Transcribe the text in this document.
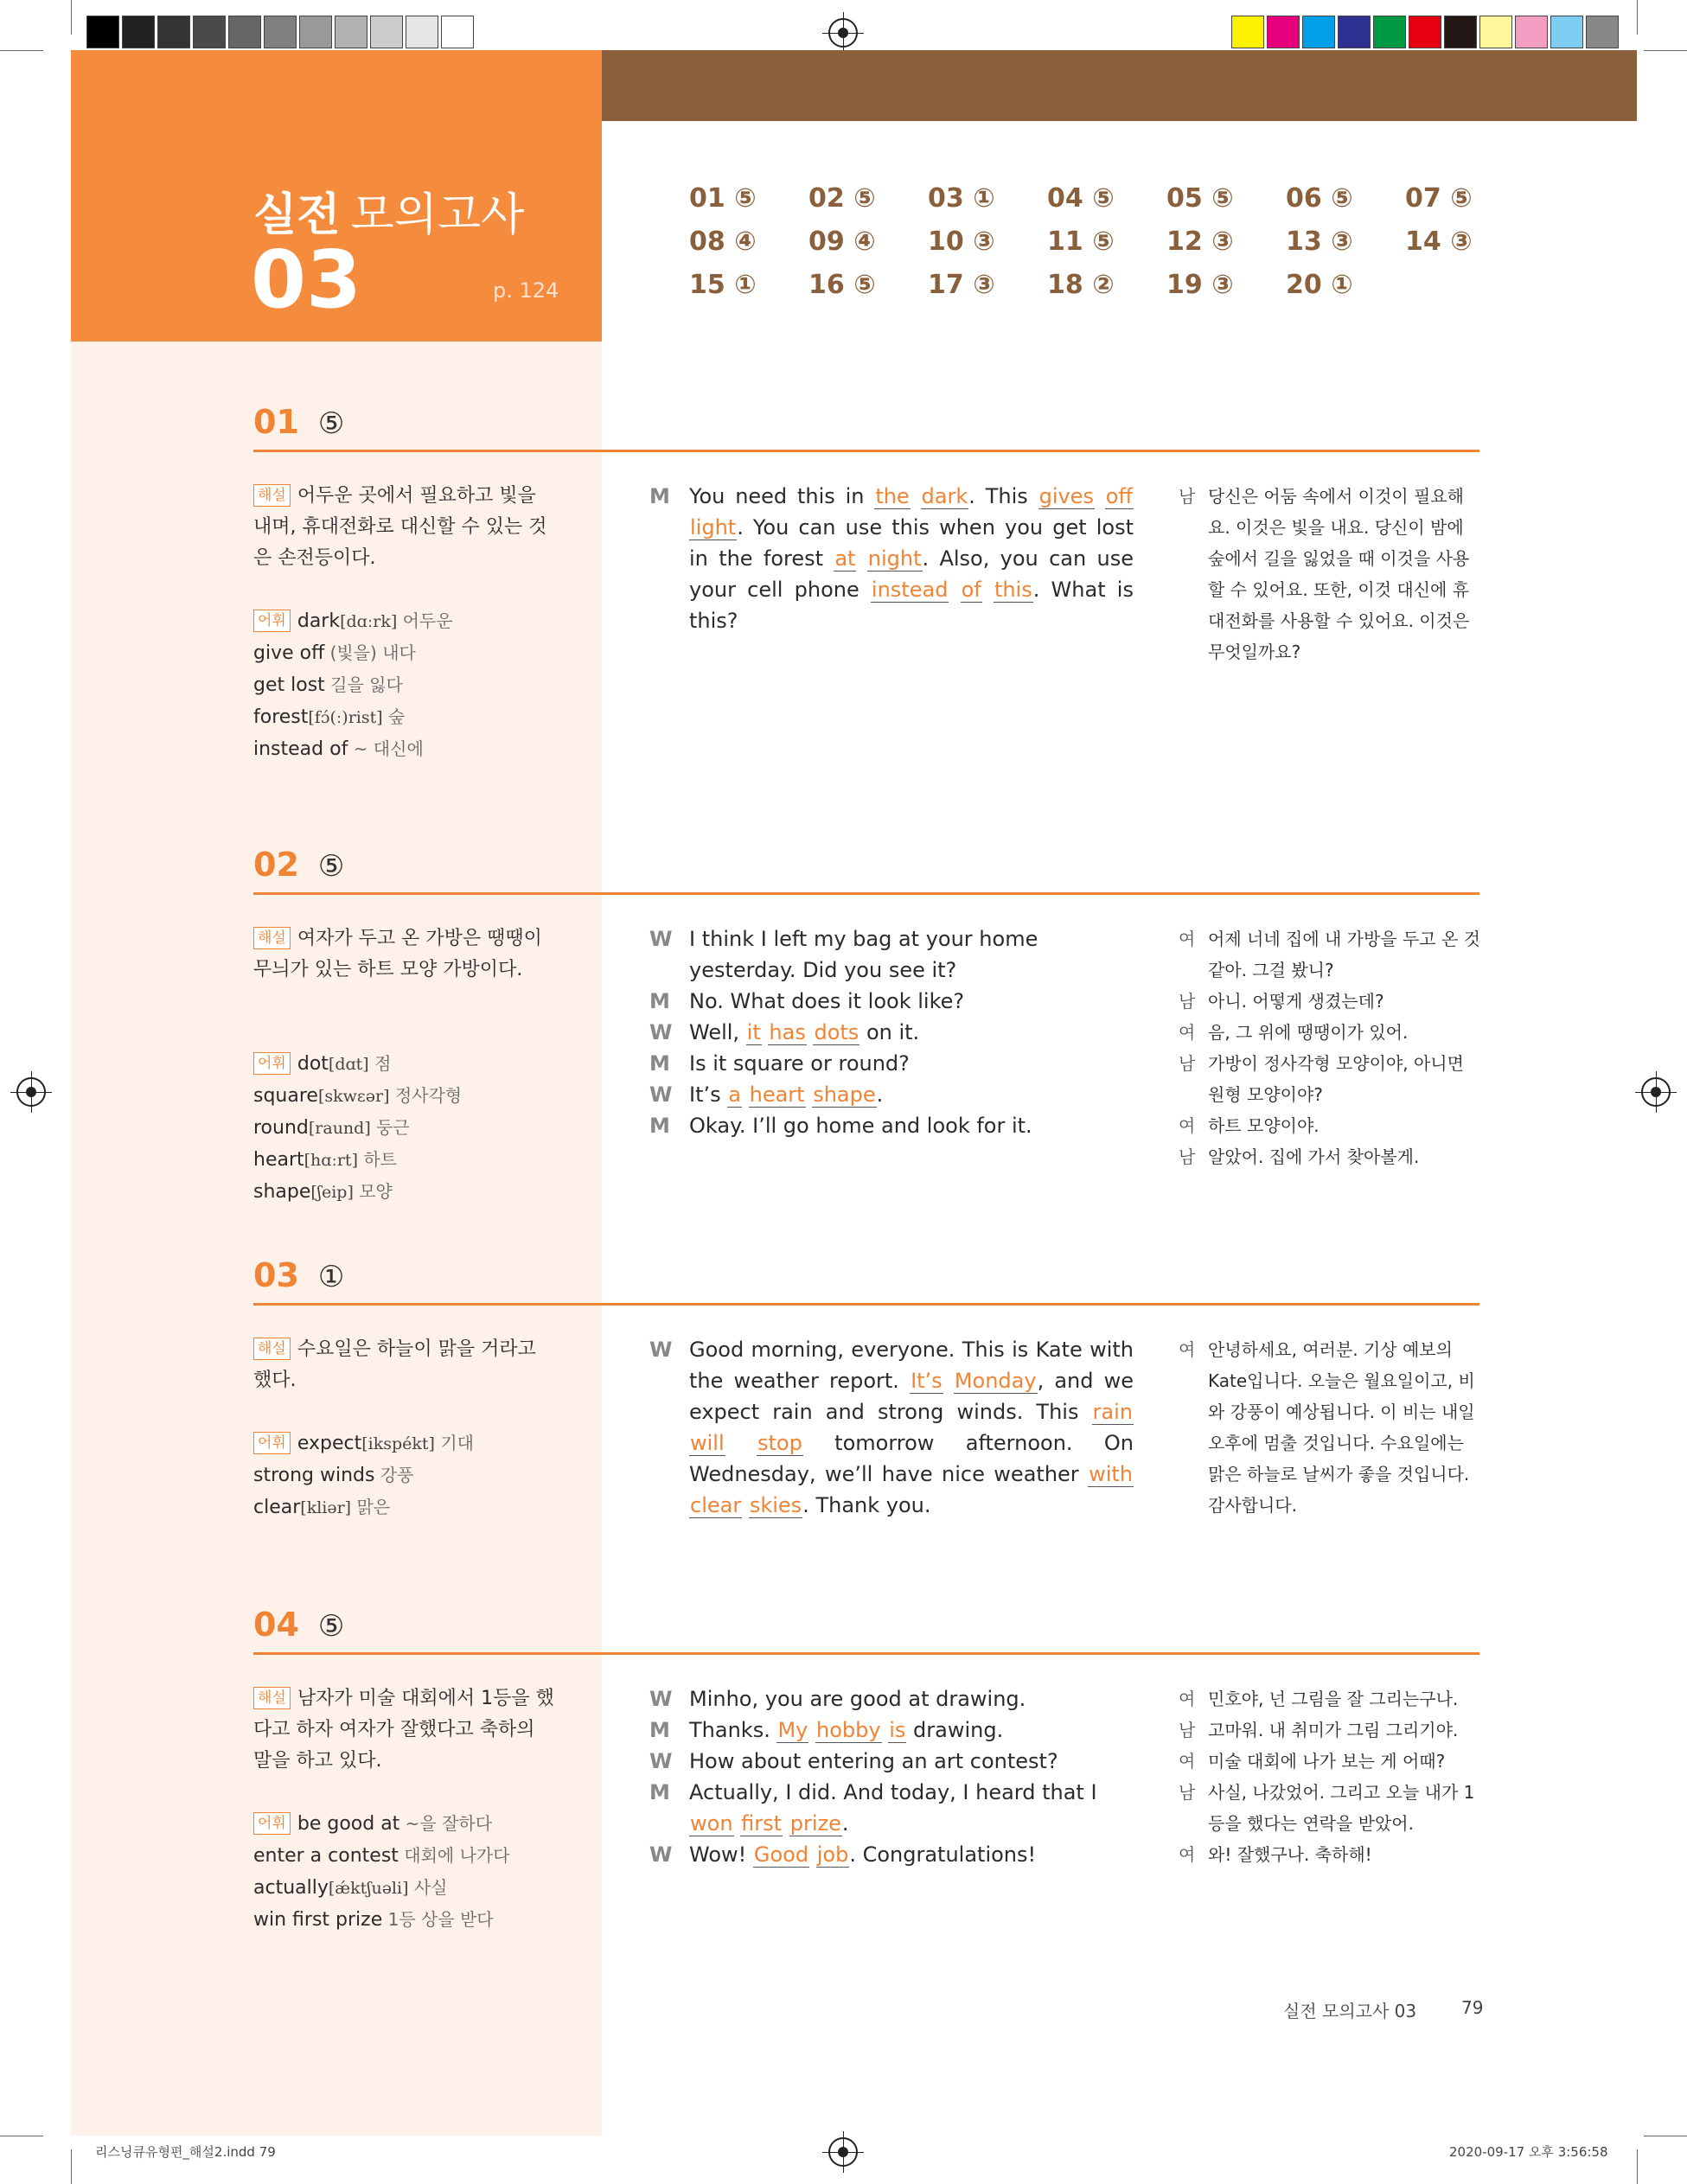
실전 모의고사
03	p. 124
01 ⑤
해설 어두운 곳에서 필요하고 빛을 내며, 휴대전화로 대신할 수 있는 것은 손전등이다.
어휘 dark[dɑːrk] 어두운
give off (빛을) 내다
get lost 길을 잃다
forest[fɔ́(ː)rist] 숲
instead of ~ 대신에
M You need this in the dark. This gives off light. You can use this when you get lost in the forest at night. Also, you can use your cell phone instead of this. What is this?
남 당신은 어둠 속에서 이것이 필요해요. 이것은 빛을 내요. 당신이 밤에 숲에서 길을 잃었을 때 이것을 사용할 수 있어요. 또한, 이것 대신에 휴대전화를 사용할 수 있어요. 이것은 무엇일까요?
02 ⑤
해설 여자가 두고 온 가방은 땡땡이 무늬가 있는 하트 모양 가방이다.
어휘 dot[dɑt] 점
square[skwɛər] 정사각형
round[raund] 둥근
heart[hɑːrt] 하트
shape[ʃeip] 모양
W I think I left my bag at your home yesterday. Did you see it?
M No. What does it look like?
W Well, it has dots on it.
M Is it square or round?
W It’s a heart shape.
M Okay. I’ll go home and look for it.
여 어제 너네 집에 내 가방을 두고 온 것 같아. 그걸 봤니?
남 아니. 어떻게 생겼는데?
여 음, 그 위에 땡땡이가 있어.
남 가방이 정사각형 모양이야, 아니면 원형 모양이야?
여 하트 모양이야.
남 알았어. 집에 가서 찾아볼게.
03 ①
해설 수요일은 하늘이 맑을 거라고 했다.
어휘 expect[ikspékt] 기대
strong winds 강풍
clear[kliər] 맑은
W Good morning, everyone. This is Kate with the weather report. It’s Monday, and we expect rain and strong winds. This rain will stop tomorrow afternoon. On Wednesday, we’ll have nice weather with clear skies. Thank you.
여 안녕하세요, 여러분. 기상 예보의 Kate입니다. 오늘은 월요일이고, 비와 강풍이 예상됩니다. 이 비는 내일 오후에 멈출 것입니다. 수요일에는 맑은 하늘로 날씨가 좋을 것입니다. 감사합니다.
04 ⑤
해설 남자가 미술 대회에서 1등을 했다고 하자 여자가 잘했다고 축하의 말을 하고 있다.
어휘 be good at ~을 잘하다
enter a contest 대회에 나가다
actually[ǽktʃuəli] 사실
win first prize 1등 상을 받다
W Minho, you are good at drawing.
M Thanks. My hobby is drawing.
W How about entering an art contest?
M Actually, I did. And today, I heard that I won first prize.
W Wow! Good job. Congratulations!
여 민호야, 넌 그림을 잘 그리는구나.
남 고마워. 내 취미가 그림 그리기야.
여 미술 대회에 나가 보는 게 어때?
남 사실, 나갔었어. 그리고 오늘 내가 1등을 했다는 연락을 받았어.
여 와! 잘했구나. 축하해!
실전 모의고사 03	79
리스닝큐유형편_해설2.indd 79	2020-09-17 오후 3:56:58
01 ⑤ 02 ⑤ 03 ① 04 ⑤ 05 ⑤ 06 ⑤ 07 ⑤
08 ④ 09 ④ 10 ③ 11 ⑤ 12 ③ 13 ③ 14 ③
15 ① 16 ⑤ 17 ③ 18 ② 19 ③ 20 ①
